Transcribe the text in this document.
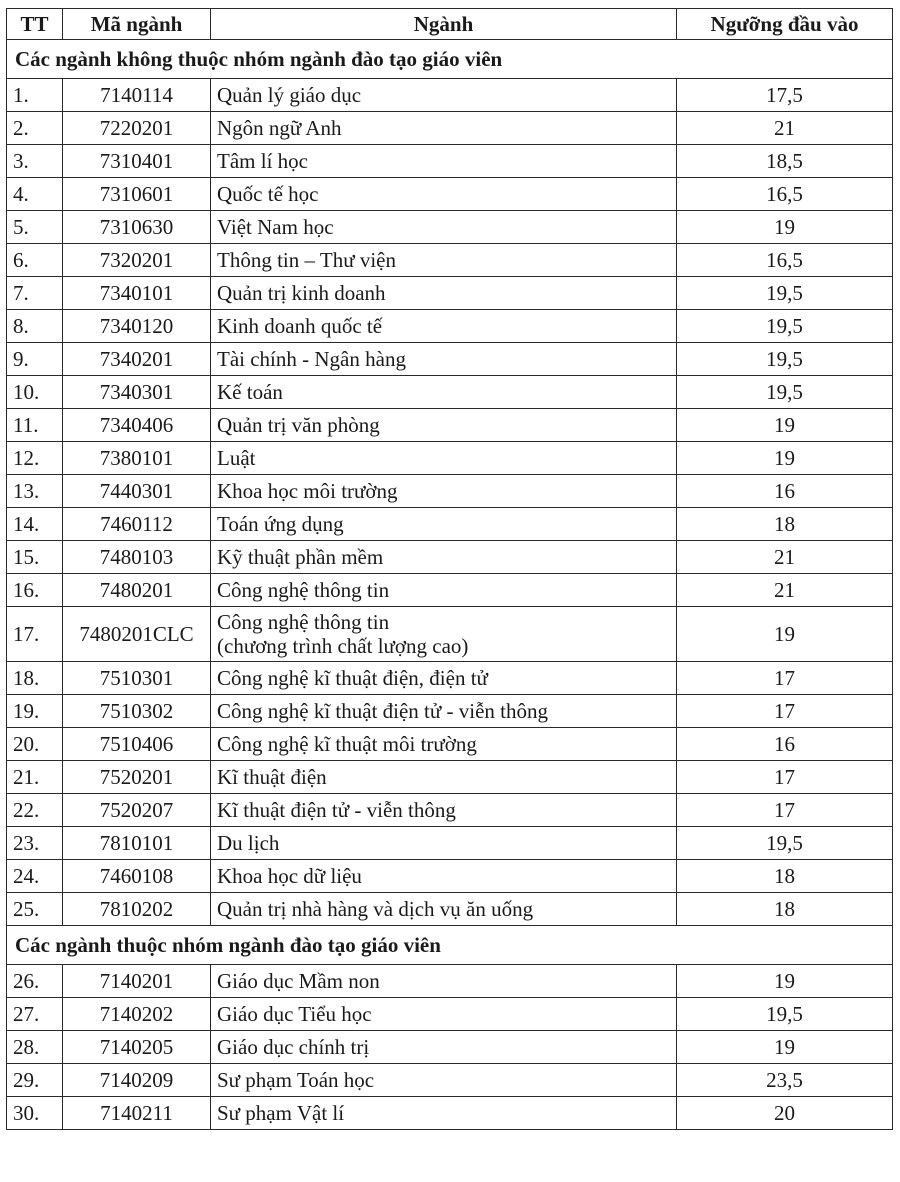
TT	Mã ngành	Ngành	Ngưỡng đầu vào
Các ngành không thuộc nhóm ngành đào tạo giáo viên			
1.	7140114	Quản lý giáo dục	17,5
2.	7220201	Ngôn ngữ Anh	21
3.	7310401	Tâm lí học	18,5
4.	7310601	Quốc tế học	16,5
5.	7310630	Việt Nam học	19
6.	7320201	Thông tin – Thư viện	16,5
7.	7340101	Quản trị kinh doanh	19,5
8.	7340120	Kinh doanh quốc tế	19,5
9.	7340201	Tài chính - Ngân hàng	19,5
10.	7340301	Kế toán	19,5
11.	7340406	Quản trị văn phòng	19
12.	7380101	Luật	19
13.	7440301	Khoa học môi trường	16
14.	7460112	Toán ứng dụng	18
15.	7480103	Kỹ thuật phần mềm	21
16.	7480201	Công nghệ thông tin	21
17.	7480201CLC	Công nghệ thông tin
(chương trình chất lượng cao)	19
18.	7510301	Công nghệ kĩ thuật điện, điện tử	17
19.	7510302	Công nghệ kĩ thuật điện tử - viễn thông	17
20.	7510406	Công nghệ kĩ thuật môi trường	16
21.	7520201	Kĩ thuật điện	17
22.	7520207	Kĩ thuật điện tử - viễn thông	17
23.	7810101	Du lịch	19,5
24.	7460108	Khoa học dữ liệu	18
25.	7810202	Quản trị nhà hàng và dịch vụ ăn uống	18
Các ngành thuộc nhóm ngành đào tạo giáo viên			
26.	7140201	Giáo dục Mầm non	19
27.	7140202	Giáo dục Tiểu học	19,5
28.	7140205	Giáo dục chính trị	19
29.	7140209	Sư phạm Toán học	23,5
30.	7140211	Sư phạm Vật lí	20
